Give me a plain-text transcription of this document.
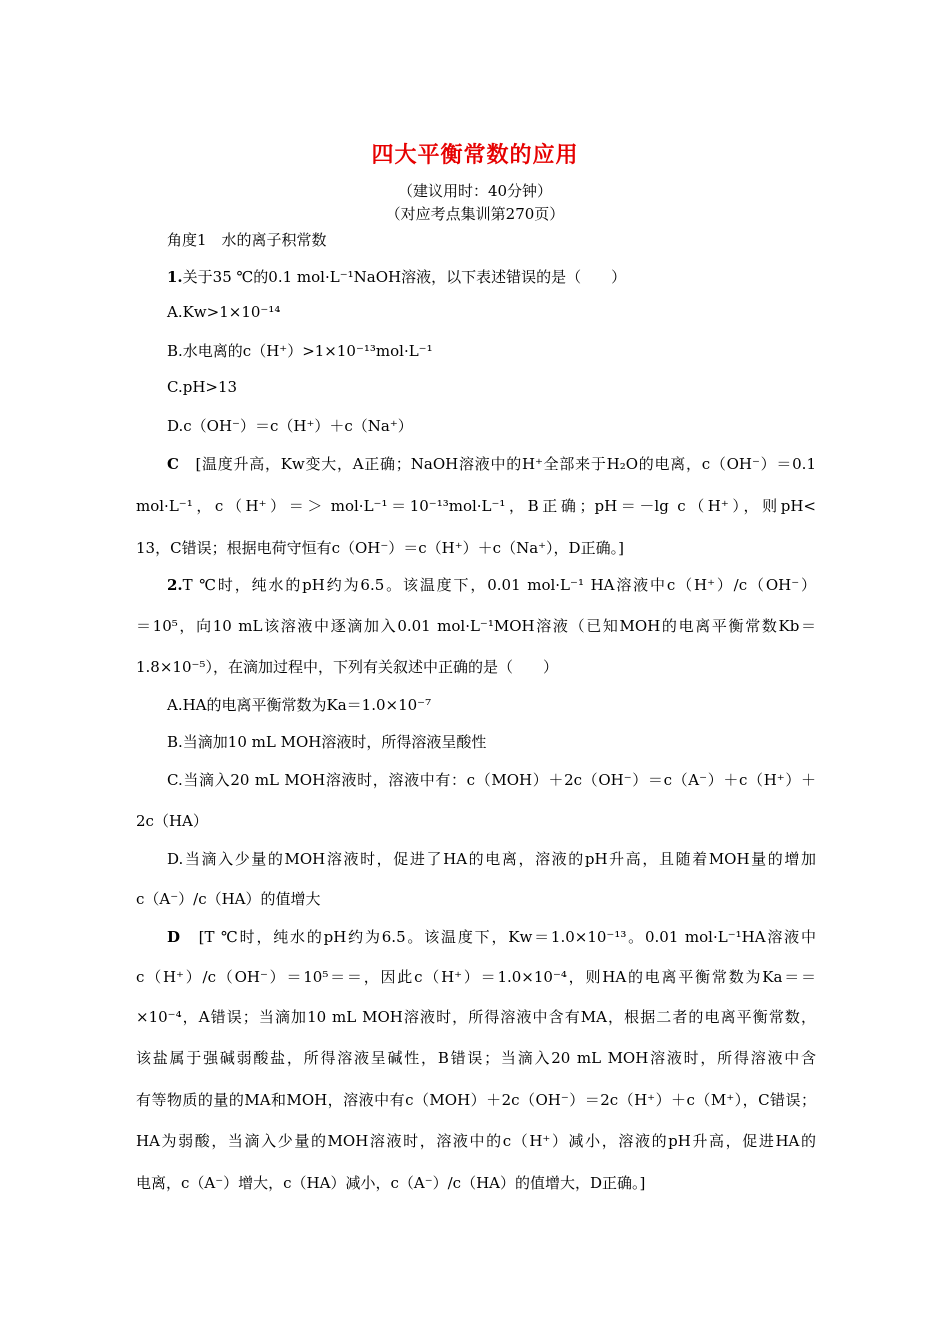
四大平衡常数的应用
（建议用时：40分钟）
（对应考点集训第270页）
角度1　水的离子积常数
1.关于35 ℃的0.1 mol·L⁻¹NaOH溶液，以下表述错误的是（　　）
A.Kw>1×10⁻¹⁴
B.水电离的c（H⁺）>1×10⁻¹³mol·L⁻¹
C.pH>13
D.c（OH⁻）＝c（H⁺）＋c（Na⁺）
C　 [温度升高，Kw变大，A正确；NaOH溶液中的H⁺全部来于H₂O的电离，c（OH⁻）＝0.1
mol·L⁻¹，c（H⁺）＝＞ mol·L⁻¹＝10⁻¹³mol·L⁻¹，B正确；pH＝－lg c（H⁺），则pH<
13，C错误；根据电荷守恒有c（OH⁻）＝c（H⁺）＋c（Na⁺），D正确。]
2.T ℃时，纯水的pH约为6.5。该温度下，0.01 mol·L⁻¹ HA溶液中c（H⁺）/c（OH⁻）
＝10⁵，向10 mL该溶液中逐滴加入0.01 mol·L⁻¹MOH溶液（已知MOH的电离平衡常数Kb＝
1.8×10⁻⁵），在滴加过程中，下列有关叙述中正确的是（　　）
A.HA的电离平衡常数为Ka＝1.0×10⁻⁷
B.当滴加10 mL MOH溶液时，所得溶液呈酸性
C.当滴入20 mL MOH溶液时，溶液中有：c（MOH）＋2c（OH⁻）＝c（A⁻）＋c（H⁺）＋
2c（HA）
D.当滴入少量的MOH溶液时，促进了HA的电离，溶液的pH升高，且随着MOH量的增加
c（A⁻）/c（HA）的值增大
D　 [T ℃时，纯水的pH约为6.5。该温度下，Kw＝1.0×10⁻¹³。0.01 mol·L⁻¹HA溶液中
c（H⁺）/c（OH⁻）＝10⁵＝＝，因此c（H⁺）＝1.0×10⁻⁴，则HA的电离平衡常数为Ka＝＝
×10⁻⁴，A错误；当滴加10 mL MOH溶液时，所得溶液中含有MA，根据二者的电离平衡常数，
该盐属于强碱弱酸盐，所得溶液呈碱性，B错误；当滴入20 mL MOH溶液时，所得溶液中含
有等物质的量的MA和MOH，溶液中有c（MOH）＋2c（OH⁻）＝2c（H⁺）＋c（M⁺），C错误；
HA为弱酸，当滴入少量的MOH溶液时，溶液中的c（H⁺）减小，溶液的pH升高，促进HA的
电离，c（A⁻）增大，c（HA）减小，c（A⁻）/c（HA）的值增大，D正确。]
